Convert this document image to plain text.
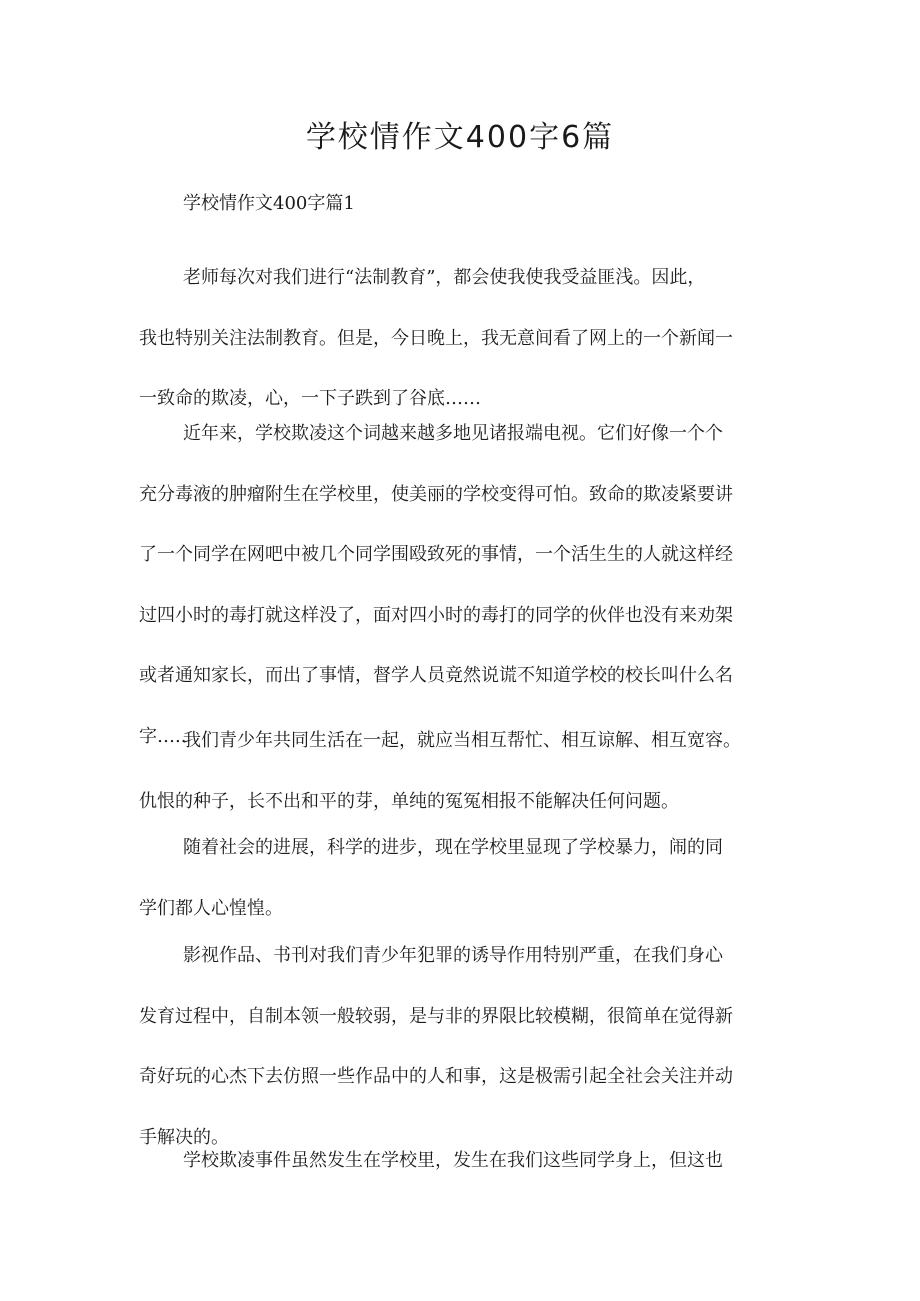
学校情作文400字6篇

学校情作文400字篇1

老师每次对我们进行“法制教育”，都会使我使我受益匪浅。因此，
我也特别关注法制教育。但是，今日晚上，我无意间看了网上的一个新闻一
一致命的欺凌，心，一下子跌到了谷底……

近年来，学校欺凌这个词越来越多地见诸报端电视。它们好像一个个
充分毒液的肿瘤附生在学校里，使美丽的学校变得可怕。致命的欺凌紧要讲
了一个同学在网吧中被几个同学围殴致死的事情，一个活生生的人就这样经
过四小时的毒打就这样没了，面对四小时的毒打的同学的伙伴也没有来劝架
或者通知家长，而出了事情，督学人员竟然说谎不知道学校的校长叫什么名
字…..

我们青少年共同生活在一起，就应当相互帮忙、相互谅解、相互宽容。
仇恨的种子，长不出和平的芽，单纯的冤冤相报不能解决任何问题。

随着社会的进展，科学的进步，现在学校里显现了学校暴力，闹的同
学们都人心惶惶。

影视作品、书刊对我们青少年犯罪的诱导作用特别严重，在我们身心
发育过程中，自制本领一般较弱，是与非的界限比较模糊，很简单在觉得新
奇好玩的心杰下去仿照一些作品中的人和事，这是极需引起全社会关注并动
手解决的。

学校欺凌事件虽然发生在学校里，发生在我们这些同学身上，但这也
